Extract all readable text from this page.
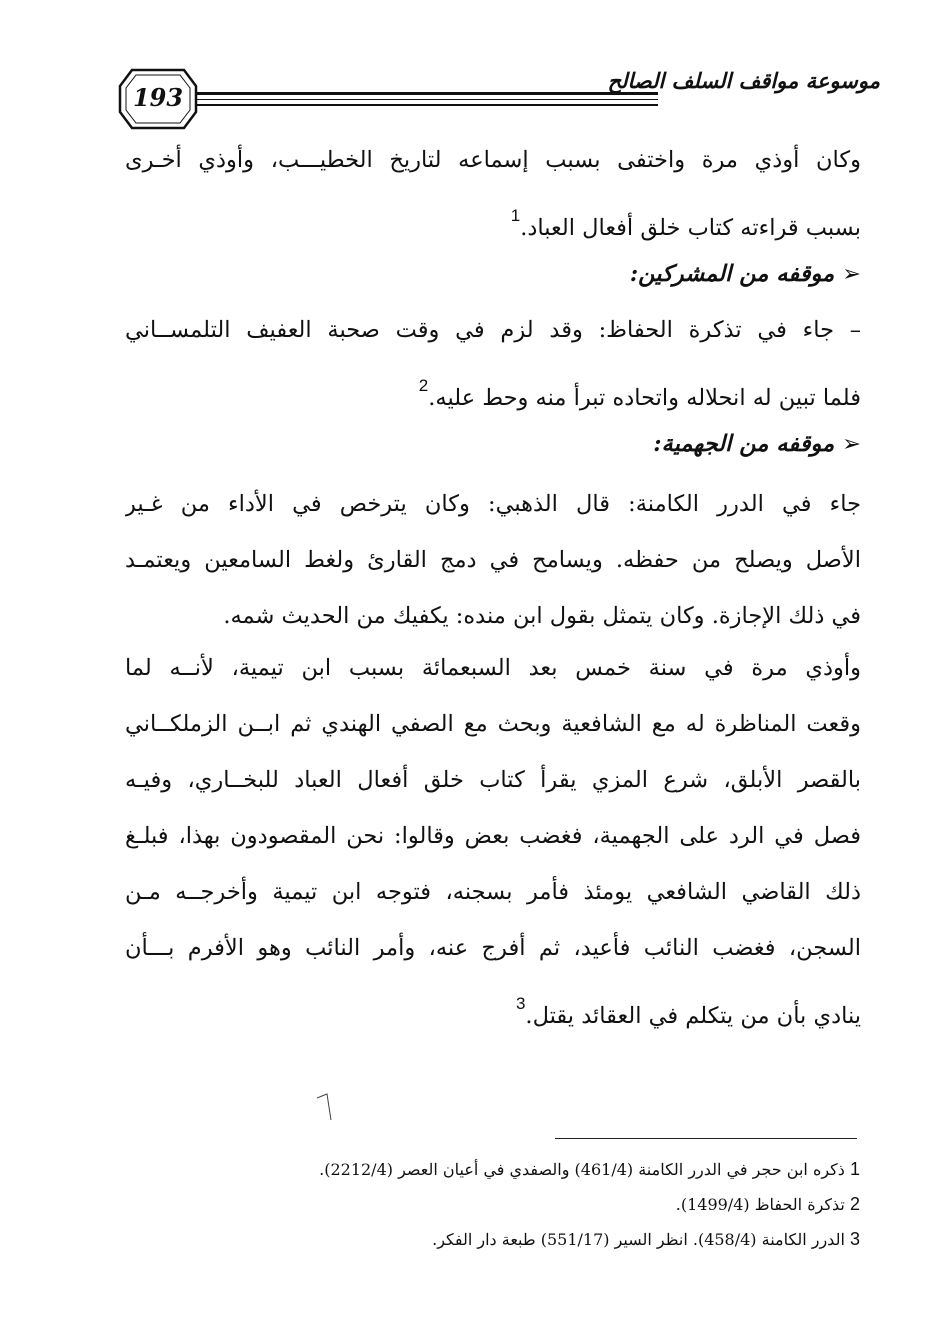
193
موسوعة مواقف السلف الصالح
وكان أوذي مرة واختفى بسبب إسماعه لتاريخ الخطيـــب، وأوذي أخـرى
بسبب قراءته كتاب خلق أفعال العباد.$^1$
➢موقفه من المشركين:
– جاء في تذكرة الحفاظ: وقد لزم في وقت صحبة العفيف التلمســاني
فلما تبين له انحلاله واتحاده تبرأ منه وحط عليه.$^2$
➢موقفه من الجهمية:
جاء في الدرر الكامنة: قال الذهبي: وكان يترخص في الأداء من غـير
الأصل ويصلح من حفظه. ويسامح في دمج القارئ ولغط السامعين ويعتمـد
في ذلك الإجازة. وكان يتمثل بقول ابن منده: يكفيك من الحديث شمه.
وأوذي مرة في سنة خمس بعد السبعمائة بسبب ابن تيمية، لأنــه لما
وقعت المناظرة له مع الشافعية وبحث مع الصفي الهندي ثم ابــن الزملكــاني
بالقصر الأبلق، شرع المزي يقرأ كتاب خلق أفعال العباد للبخــاري، وفيـه
فصل في الرد على الجهمية، فغضب بعض وقالوا: نحن المقصودون بهذا، فبلـغ
ذلك القاضي الشافعي يومئذ فأمر بسجنه، فتوجه ابن تيمية وأخرجــه مـن
السجن، فغضب النائب فأعيد، ثم أفرج عنه، وأمر النائب وهو الأفرم بـــأن
ينادي بأن من يتكلم في العقائد يقتل.$^3$
1 ذكره ابن حجر في الدرر الكامنة (461/4) والصفدي في أعيان العصر (2212/4).
2 تذكرة الحفاظ (1499/4).
3 الدرر الكامنة (458/4). انظر السير (551/17) طبعة دار الفكر.
